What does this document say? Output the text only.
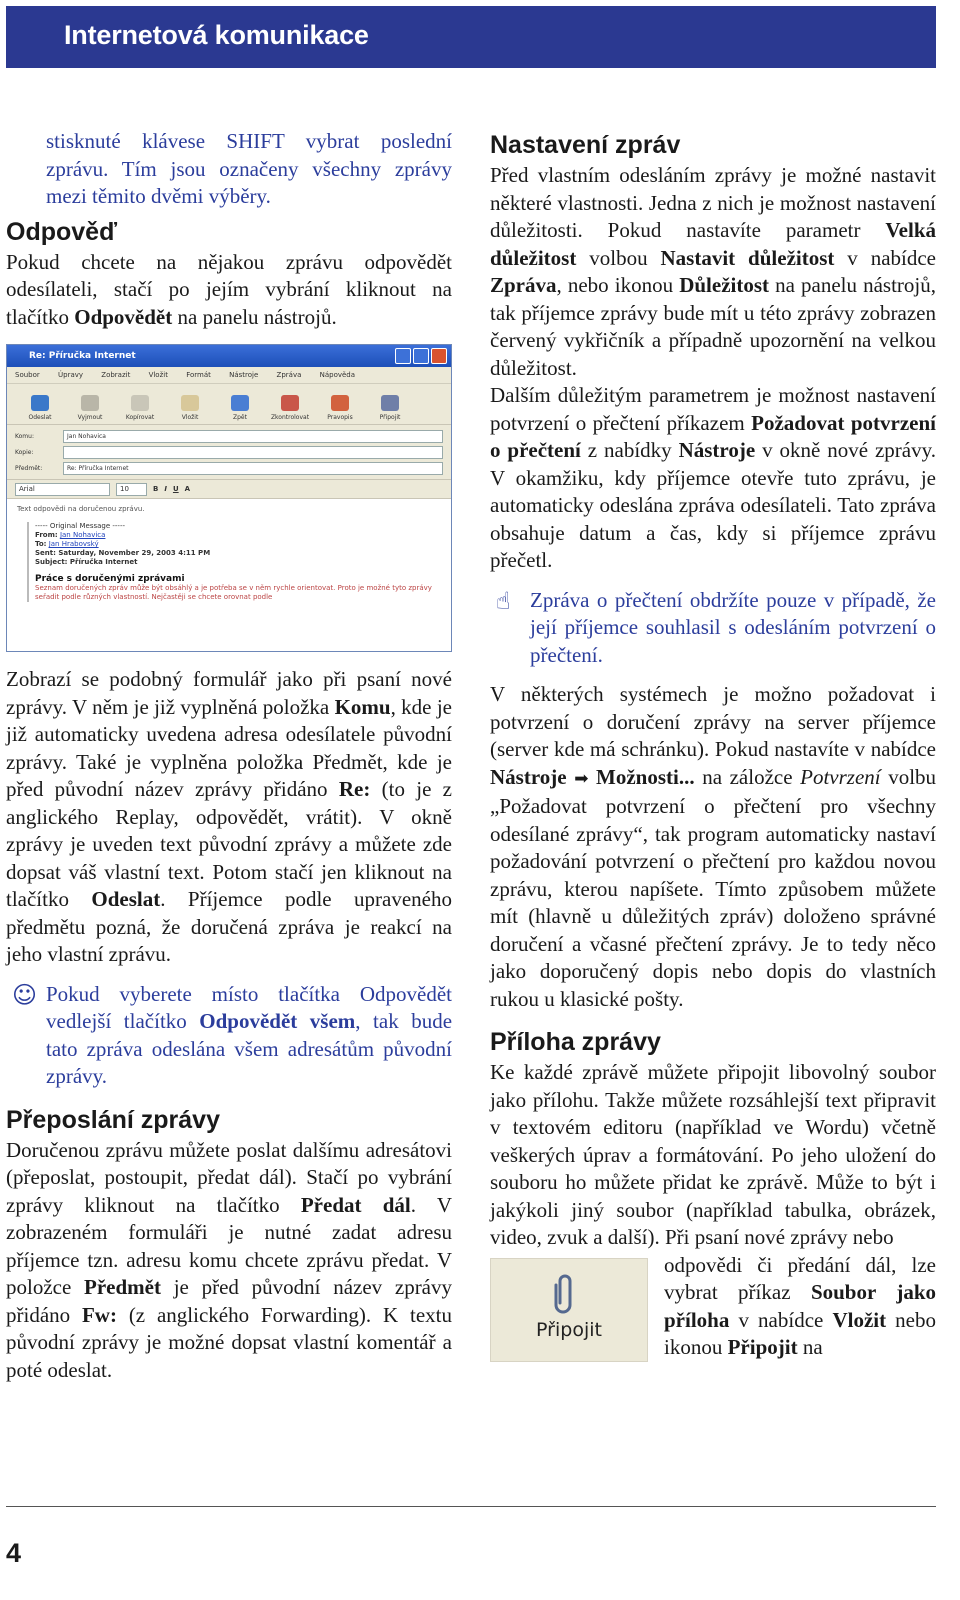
Internetová komunikace

stisknuté klávese SHIFT vybrat poslední zprávu. Tím jsou označeny všechny zprávy mezi těmito dvěmi výběry.

Odpověď

Pokud chcete na nějakou zprávu odpovědět odesílateli, stačí po jejím vybrání kliknout na tlačítko Odpovědět na panelu nástrojů.

Re: Příručka Internet
Soubor	Úpravy	Zobrazit	Vložit	Formát	Nástroje	Zpráva	Nápověda
Odeslat	Vyjmout	Kopírovat	Vložit	Zpět	Zkontrolovat	Pravopis	Připojit
Komu:	Jan Nohavica
Kopie:
Předmět:	Re: Příručka Internet
Arial	10	B I U A
Text odpovědi na doručenou zprávu.
----- Original Message -----
From: Jan Nohavica
To: Jan Hrabovský
Sent: Saturday, November 29, 2003 4:11 PM
Subject: Příručka Internet
Práce s doručenými zprávami
Seznam doručených zpráv může být obsáhlý a je potřeba se v něm rychle orientovat. Proto je možné tyto zprávy seřadit podle různých vlastností. Nejčastěji se chcete orovnat podle

Zobrazí se podobný formulář jako při psaní nové zprávy. V něm je již vyplněná položka Komu, kde je již automaticky uvedena adresa odesílatele původní zprávy. Také je vyplněna položka Předmět, kde je před původní název zprávy přidáno Re: (to je z anglického Replay, odpovědět, vrátit). V okně zprávy je uveden text původní zprávy a můžete zde dopsat váš vlastní text. Potom stačí jen kliknout na tlačítko Odeslat. Příjemce podle upraveného předmětu pozná, že doručená zpráva je reakcí na jeho vlastní zprávu.

☺ Pokud vyberete místo tlačítka Odpovědět vedlejší tlačítko Odpovědět všem, tak bude tato zpráva odeslána všem adresátům původní zprávy.

Přeposlání zprávy

Doručenou zprávu můžete poslat dalšímu adresátovi (přeposlat, postoupit, předat dál). Stačí po vybrání zprávy kliknout na tlačítko Předat dál. V zobrazeném formuláři je nutné zadat adresu příjemce tzn. adresu komu chcete zprávu předat. V položce Předmět je před původní název zprávy přidáno Fw: (z anglického Forwarding). K textu původní zprávy je možné dopsat vlastní komentář a poté odeslat.

Nastavení zpráv

Před vlastním odesláním zprávy je možné nastavit některé vlastnosti. Jedna z nich je možnost nastavení důležitosti. Pokud nastavíte parametr Velká důležitost volbou Nastavit důležitost v nabídce Zpráva, nebo ikonou Důležitost na panelu nástrojů, tak příjemce zprávy bude mít u této zprávy zobrazen červený vykřičník a případně upozornění na velkou důležitost.

Dalším důležitým parametrem je možnost nastavení potvrzení o přečtení příkazem Požadovat potvrzení o přečtení z nabídky Nástroje v okně nové zprávy. V okamžiku, kdy příjemce otevře tuto zprávu, je automaticky odeslána zpráva odesílateli. Tato zpráva obsahuje datum a čas, kdy si příjemce zprávu přečetl.

☝ Zpráva o přečtení obdržíte pouze v případě, že její příjemce souhlasil s odesláním potvrzení o přečtení.

V některých systémech je možno požadovat i potvrzení o doručení zprávy na server příjemce (server kde má schránku). Pokud nastavíte v nabídce Nástroje ➡ Možnosti... na záložce Potvrzení volbu „Požadovat potvrzení o přečtení pro všechny odesílané zprávy“, tak program automaticky nastaví požadování potvrzení o přečtení pro každou novou zprávu, kterou napíšete. Tímto způsobem můžete mít (hlavně u důležitých zpráv) doloženo správné doručení a včasné přečtení zprávy. Je to tedy něco jako doporučený dopis nebo dopis do vlastních rukou u klasické pošty.

Příloha zprávy

Ke každé zprávě můžete připojit libovolný soubor jako přílohu. Takže můžete rozsáhlejší text připravit v textovém editoru (například ve Wordu) včetně veškerých úprav a formátování. Po jeho uložení do souboru ho můžete přidat ke zprávě. Může to být i jakýkoli jiný soubor (například tabulka, obrázek, video, zvuk a další). Při psaní nové zprávy nebo

Připojit

odpovědi či předání dál, lze vybrat příkaz Soubor jako příloha v nabídce Vložit nebo ikonou Připojit na

4
